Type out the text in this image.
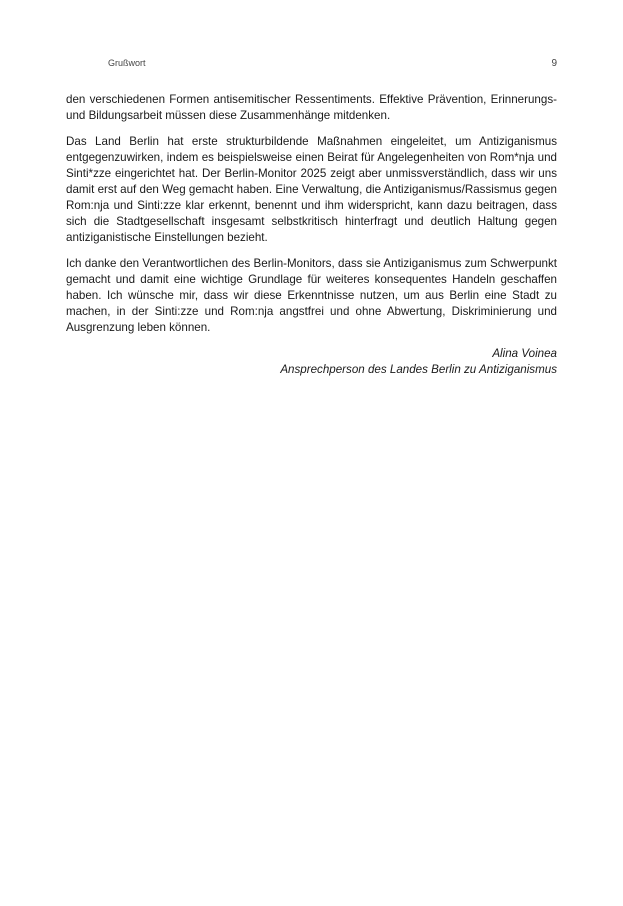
Grußwort	9

den verschiedenen Formen antisemitischer Ressentiments. Effektive Prävention, Erinnerungs- und Bildungsarbeit müssen diese Zusammenhänge mitdenken.

Das Land Berlin hat erste strukturbildende Maßnahmen eingeleitet, um Antiziganismus entgegenzuwirken, indem es beispielsweise einen Beirat für Angelegenheiten von Rom*nja und Sinti*zze eingerichtet hat. Der Berlin-Monitor 2025 zeigt aber unmissverständlich, dass wir uns damit erst auf den Weg gemacht haben. Eine Verwaltung, die Antiziganismus/Rassismus gegen Rom:nja und Sinti:zze klar erkennt, benennt und ihm widerspricht, kann dazu beitragen, dass sich die Stadtgesellschaft insgesamt selbstkritisch hinterfragt und deutlich Haltung gegen antiziganistische Einstellungen bezieht.

Ich danke den Verantwortlichen des Berlin-Monitors, dass sie Antiziganismus zum Schwerpunkt gemacht und damit eine wichtige Grundlage für weiteres konsequentes Handeln geschaffen haben. Ich wünsche mir, dass wir diese Erkenntnisse nutzen, um aus Berlin eine Stadt zu machen, in der Sinti:zze und Rom:nja angstfrei und ohne Abwertung, Diskriminierung und Ausgrenzung leben können.

Alina Voinea
Ansprechperson des Landes Berlin zu Antiziganismus
